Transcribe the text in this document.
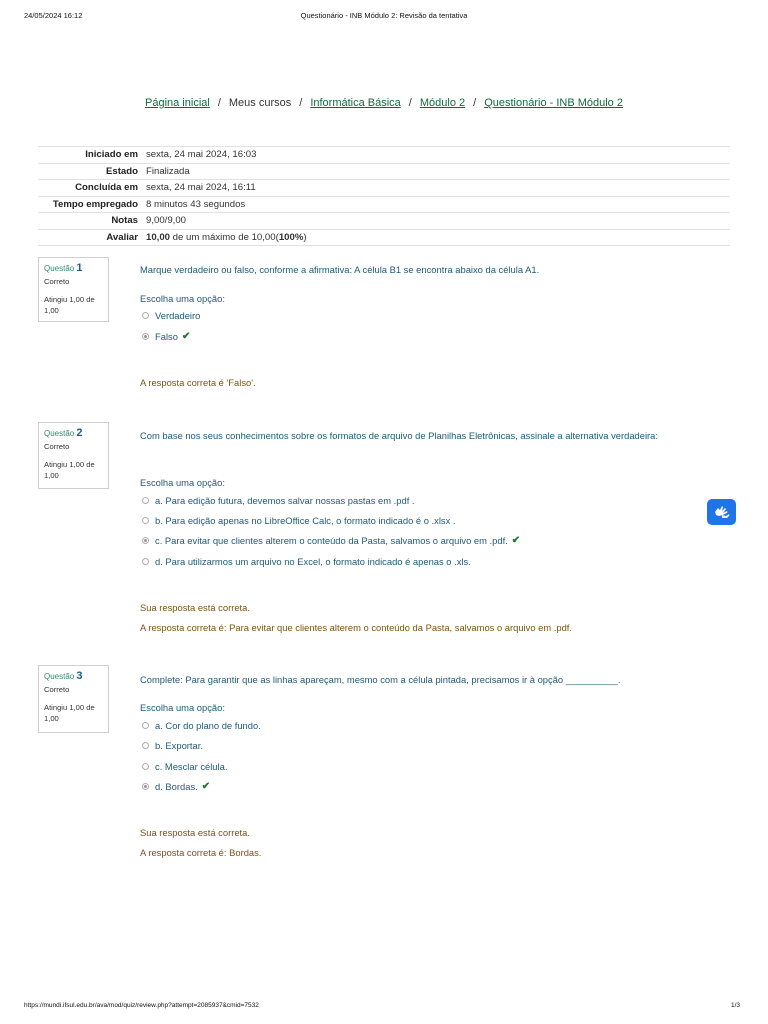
24/05/2024 16:12	Questionário - INB Módulo 2: Revisão da tentativa
Página inicial / Meus cursos / Informática Básica / Módulo 2 / Questionário - INB Módulo 2
Iniciado em	sexta, 24 mai 2024, 16:03
Estado	Finalizada
Concluída em	sexta, 24 mai 2024, 16:11
Tempo empregado	8 minutos 43 segundos
Notas	9,00/9,00
Avaliar	10,00 de um máximo de 10,00(100%)
Questão 1
Correto
Atingiu 1,00 de 1,00
Marque verdadeiro ou falso, conforme a afirmativa: A célula B1 se encontra abaixo da célula A1.
Escolha uma opção:
Verdadeiro
Falso ✔
A resposta correta é 'Falso'.
Questão 2
Correto
Atingiu 1,00 de 1,00
Com base nos seus conhecimentos sobre os formatos de arquivo de Planilhas Eletrônicas, assinale a alternativa verdadeira:
Escolha uma opção:
a. Para edição futura, devemos salvar nossas pastas em .pdf .
b. Para edição apenas no LibreOffice Calc, o formato indicado é o .xlsx .
c. Para evitar que clientes alterem o conteúdo da Pasta, salvamos o arquivo em .pdf. ✔
d. Para utilizarmos um arquivo no Excel, o formato indicado é apenas o .xls.
Sua resposta está correta.
A resposta correta é: Para evitar que clientes alterem o conteúdo da Pasta, salvamos o arquivo em .pdf.
Questão 3
Correto
Atingiu 1,00 de 1,00
Complete: Para garantir que as linhas apareçam, mesmo com a célula pintada, precisamos ir à opção __________.
Escolha uma opção:
a. Cor do plano de fundo.
b. Exportar.
c. Mesclar célula.
d. Bordas. ✔
Sua resposta está correta.
A resposta correta é: Bordas.
https://mundi.ifsul.edu.br/ava/mod/quiz/review.php?attempt=2085937&cmid=7532	1/3
